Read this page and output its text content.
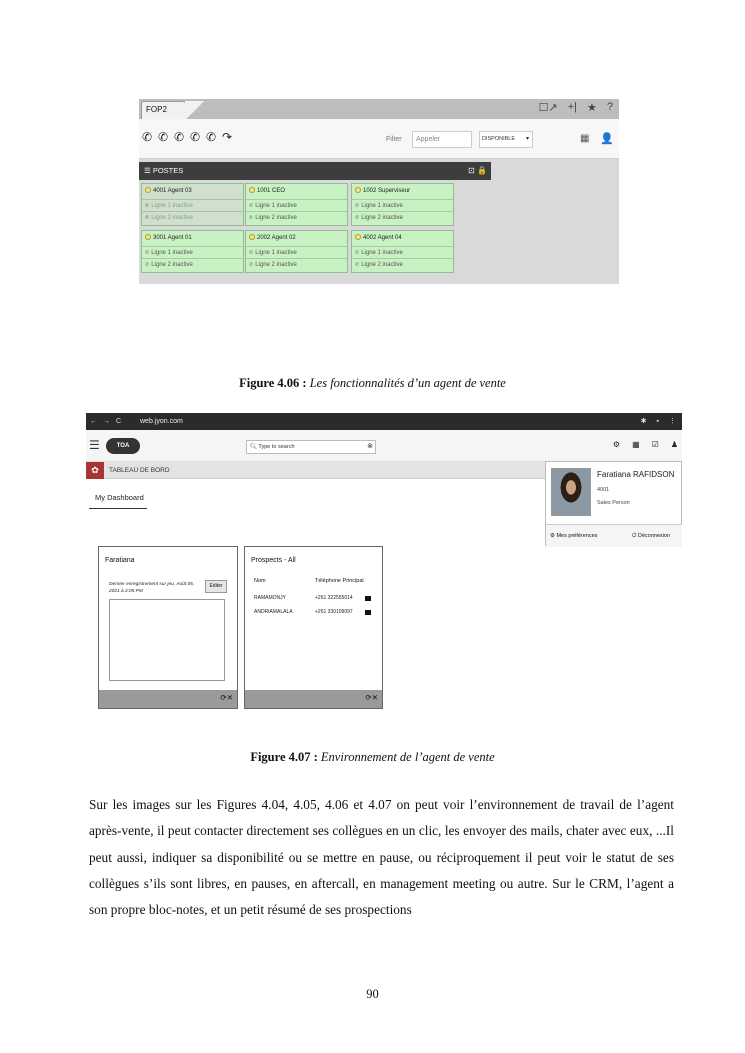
FOP2	☐↗ +| ★ ?
✆ ✆ ✆ ✆ ✆ ↷	Filter	Appeler	DISPONIBLE ▾	▦ 👤
☰ POSTES	⊡ 🔒
4001 Agent 03
✆ Ligne 1 inactive
✆ Ligne 2 inactive
1001 CEO
✆ Ligne 1 inactive
✆ Ligne 2 inactive
1002 Superviseur
✆ Ligne 1 inactive
✆ Ligne 2 inactive
3001 Agent 01
✆ Ligne 1 inactive
✆ Ligne 2 inactive
2002 Agent 02
✆ Ligne 1 inactive
✆ Ligne 2 inactive
4002 Agent 04
✆ Ligne 1 inactive
✆ Ligne 2 inactive
Figure 4.06 : Les fonctionnalités d’un agent de vente
←→C web.jyon.com	✱ ▪ ⋮
☰	TOA	🔍︎ Type to search	⊗	⚙ ▦ ☑ ♟
✿	TABLEAU DE BORD
My Dashboard
Faratiana RAFIDSON
4001
Sales Person
⚙ Mes préférences	⏻ Déconnexion
Faratiana
Dernier enregistrement sur jeu, Août 05, 2021 à 2:05 PM
Editer
⟳✕
Prospects - All
Nom	Téléphone Principal
RAMAMONJY	+261 322555014
ANDRIAMALALA	+261 330109097
⟳✕
Figure 4.07 : Environnement de l’agent de vente

Sur les images sur les Figures 4.04, 4.05, 4.06 et 4.07 on peut voir l’environnement de travail de l’agent après-vente, il peut contacter directement ses collègues en un clic, les envoyer des mails, chater avec eux, ...Il peut aussi, indiquer sa disponibilité ou se mettre en pause, ou réciproquement il peut voir le statut de ses collègues s’ils sont libres, en pauses, en aftercall, en management meeting ou autre. Sur le CRM, l’agent a son propre bloc-notes, et un petit résumé de ses prospections

90
